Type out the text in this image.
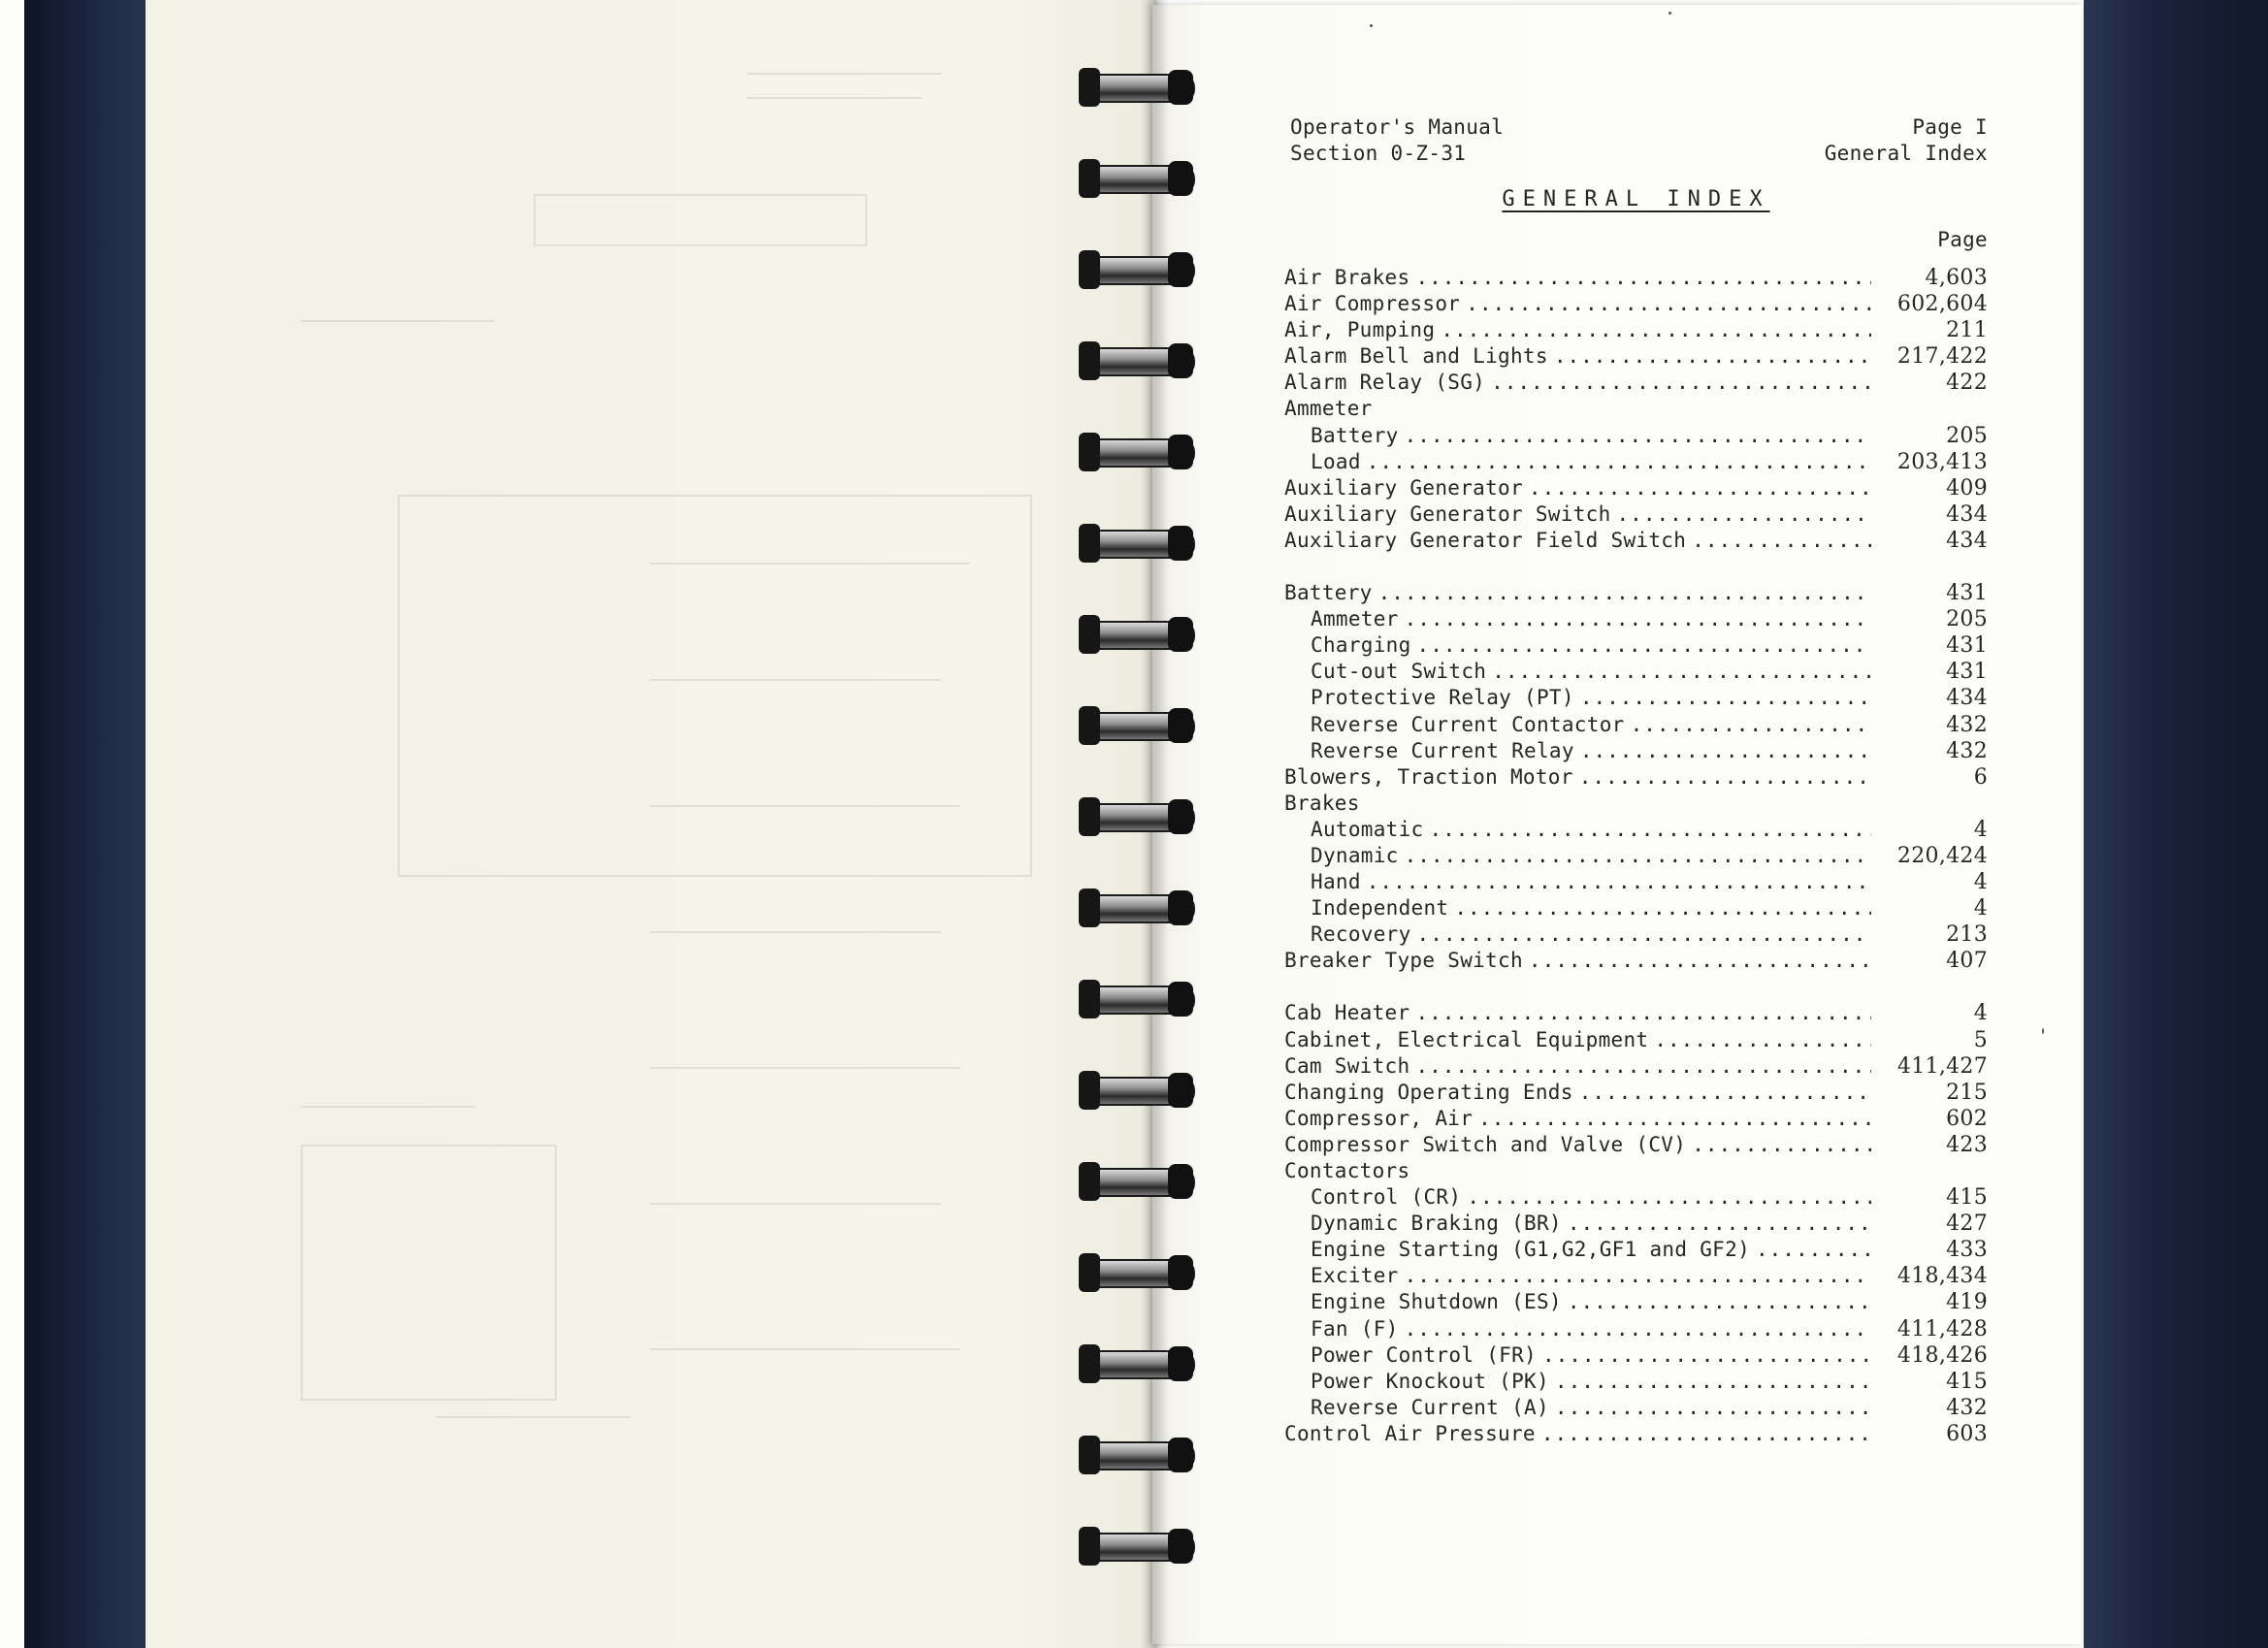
Operator's Manual
Section 0-Z-31
Page I
General Index
GENERAL INDEX
Page
Air Brakes .....	4,603
Air Compressor .....	602,604
Air, Pumping .....	211
Alarm Bell and Lights .....	217,422
Alarm Relay (SG) .....	422
Ammeter
Battery .....	205
Load .....	203,413
Auxiliary Generator .....	409
Auxiliary Generator Switch .....	434
Auxiliary Generator Field Switch .....	434
Battery .....	431
Ammeter .....	205
Charging .....	431
Cut-out Switch .....	431
Protective Relay (PT) .....	434
Reverse Current Contactor .....	432
Reverse Current Relay .....	432
Blowers, Traction Motor .....	6
Brakes
Automatic .....	4
Dynamic .....	220,424
Hand .....	4
Independent .....	4
Recovery .....	213
Breaker Type Switch .....	407
Cab Heater .....	4
Cabinet, Electrical Equipment .....	5
Cam Switch .....	411,427
Changing Operating Ends .....	215
Compressor, Air .....	602
Compressor Switch and Valve (CV) .....	423
Contactors
Control (CR) .....	415
Dynamic Braking (BR) .....	427
Engine Starting (G1,G2,GF1 and GF2) .....	433
Exciter .....	418,434
Engine Shutdown (ES) .....	419
Fan (F) .....	411,428
Power Control (FR) .....	418,426
Power Knockout (PK) .....	415
Reverse Current (A) .....	432
Control Air Pressure .....	603
